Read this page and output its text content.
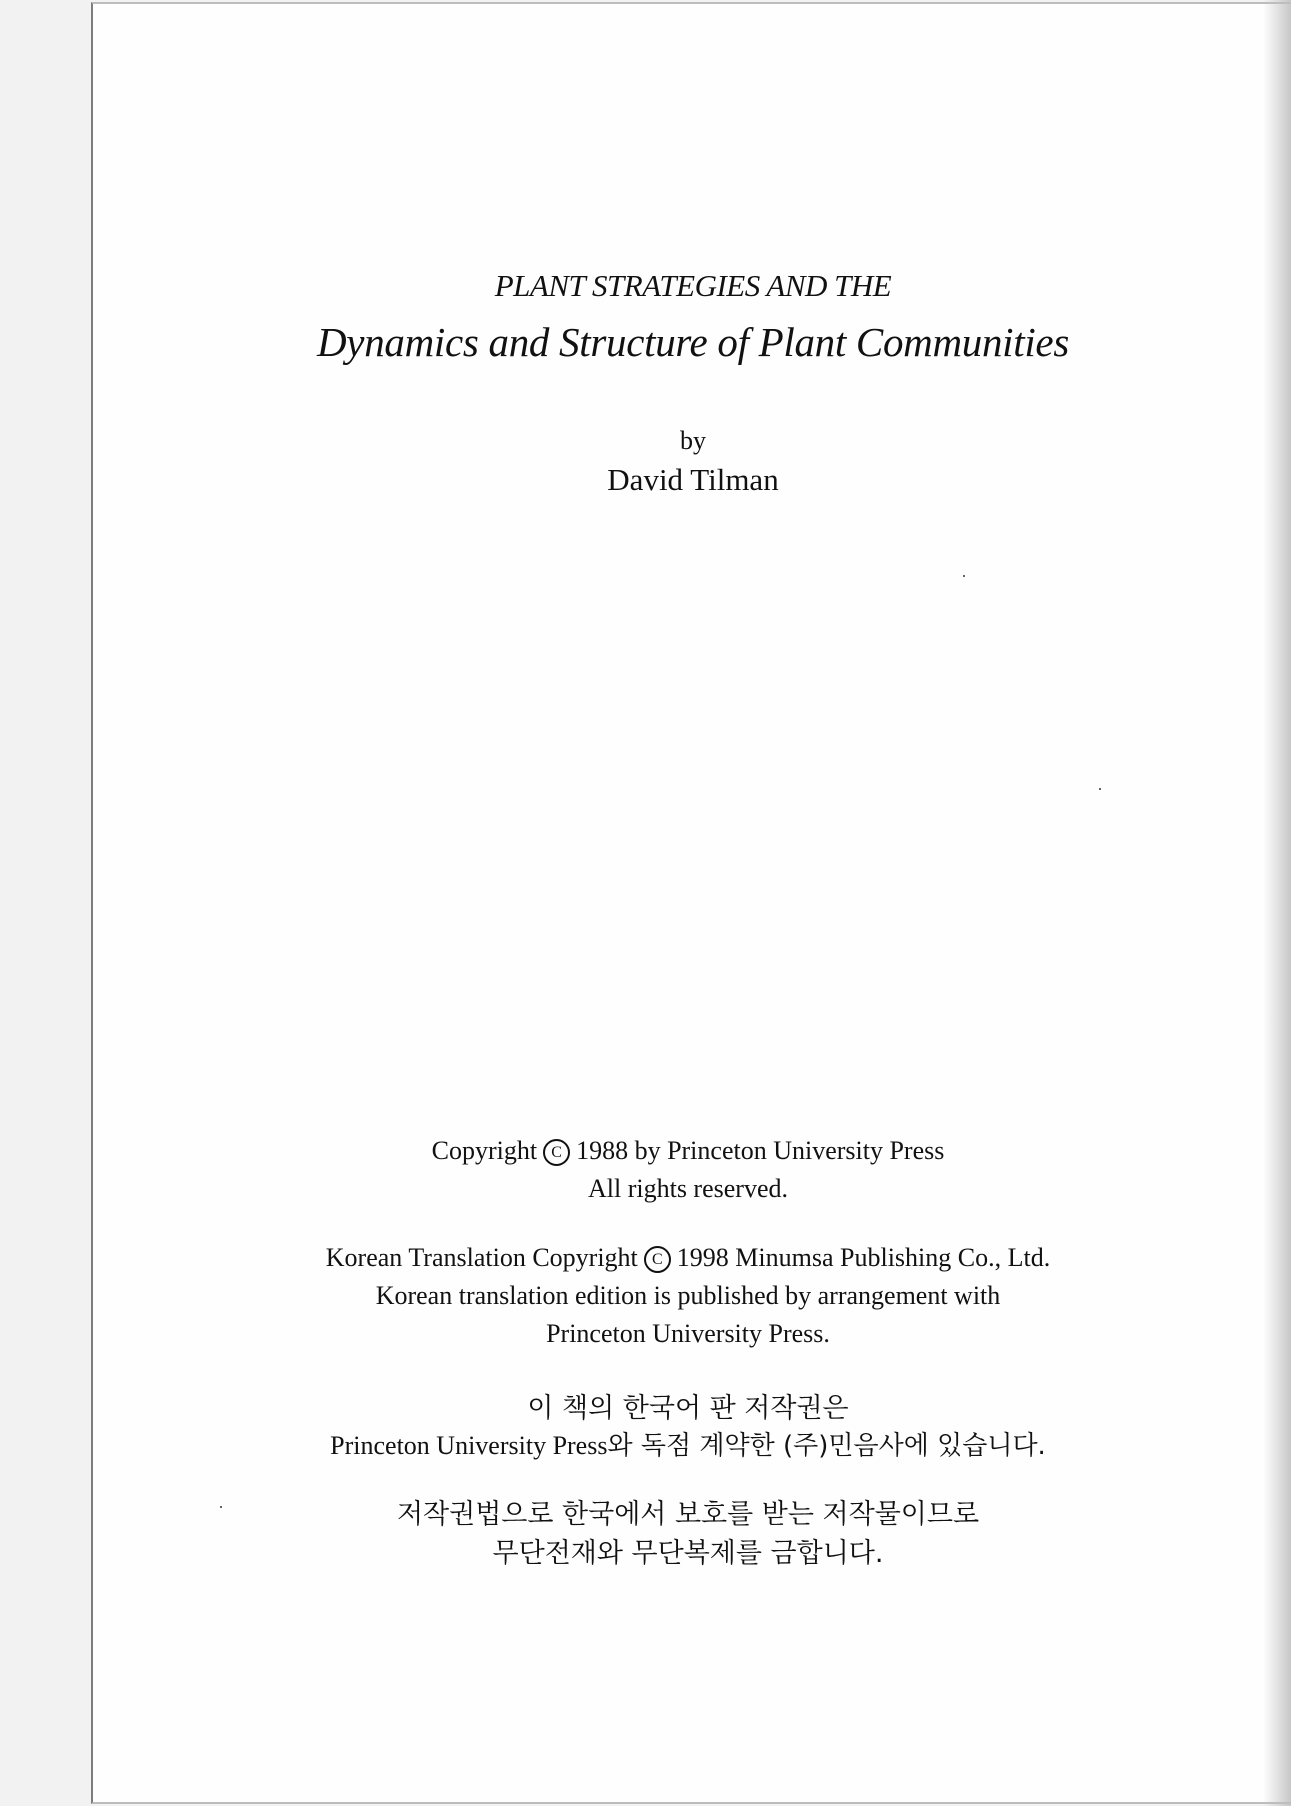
PLANT STRATEGIES AND THE

Dynamics and Structure of Plant Communities

by

David Tilman

Copyright C 1988 by Princeton University Press

All rights reserved.

Korean Translation Copyright C 1998 Minumsa Publishing Co., Ltd.

Korean translation edition is published by arrangement with

Princeton University Press.

이 책의 한국어 판 저작권은

Princeton University Press와 독점 계약한 (주)민음사에 있습니다.

저작권법으로 한국에서 보호를 받는 저작물이므로

무단전재와 무단복제를 금합니다.
